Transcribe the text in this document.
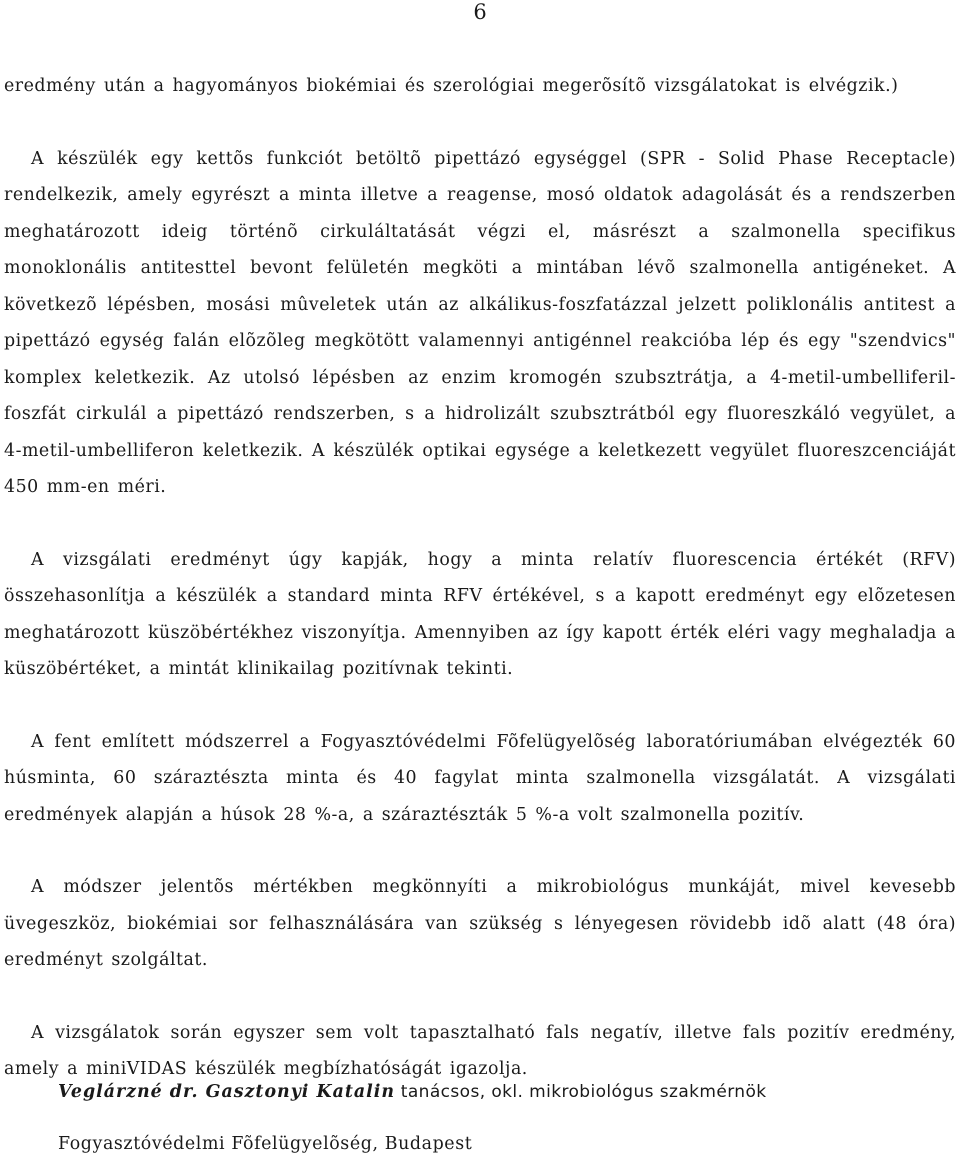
6

eredmény után a hagyományos biokémiai és szerológiai megerõsítõ vizsgálatokat is elvégzik.)

A készülék egy kettõs funkciót betöltõ pipettázó egységgel (SPR - Solid Phase Receptacle) rendelkezik, amely egyrészt a minta illetve a reagense, mosó oldatok adagolását és a rendszerben meghatározott ideig történõ cirkuláltatását végzi el, másrészt a szalmonella specifikus monoklonális antitesttel bevont felületén megköti a mintában lévõ szalmonella antigéneket. A következõ lépésben, mosási mûveletek után az alkálikus-foszfatázzal jelzett poliklonális antitest a pipettázó egység falán elõzõleg megkötött valamennyi antigénnel reakcióba lép és egy "szendvics" komplex keletkezik. Az utolsó lépésben az enzim kromogén szubsztrátja, a 4-metil-umbelliferil-foszfát cirkulál a pipettázó rendszerben, s a hidrolizált szubsztrátból egy fluoreszkáló vegyület, a 4-metil-umbelliferon keletkezik. A készülék optikai egysége a keletkezett vegyület fluoreszcenciáját 450 mm-en méri.

A vizsgálati eredményt úgy kapják, hogy a minta relatív fluorescencia értékét (RFV) összehasonlítja a készülék a standard minta RFV értékével, s a kapott eredményt egy elõzetesen meghatározott küszöbértékhez viszonyítja. Amennyiben az így kapott érték eléri vagy meghaladja a küszöbértéket, a mintát klinikailag pozitívnak tekinti.

A fent említett módszerrel a Fogyasztóvédelmi Fõfelügyelõség laboratóriumában elvégezték 60 húsminta, 60 száraztészta minta és 40 fagylat minta szalmonella vizsgálatát. A vizsgálati eredmények alapján a húsok 28 %-a, a száraztészták 5 %-a volt szalmonella pozitív.

A módszer jelentõs mértékben megkönnyíti a mikrobiológus munkáját, mivel kevesebb üvegeszköz, biokémiai sor felhasználására van szükség s lényegesen rövidebb idõ alatt (48 óra) eredményt szolgáltat.

A vizsgálatok során egyszer sem volt tapasztalható fals negatív, illetve fals pozitív eredmény, amely a miniVIDAS készülék megbízhatóságát igazolja.

Veglárzné dr. Gasztonyi Katalin tanácsos, okl. mikrobiológus szakmérnök
Fogyasztóvédelmi Fõfelügyelõség, Budapest
